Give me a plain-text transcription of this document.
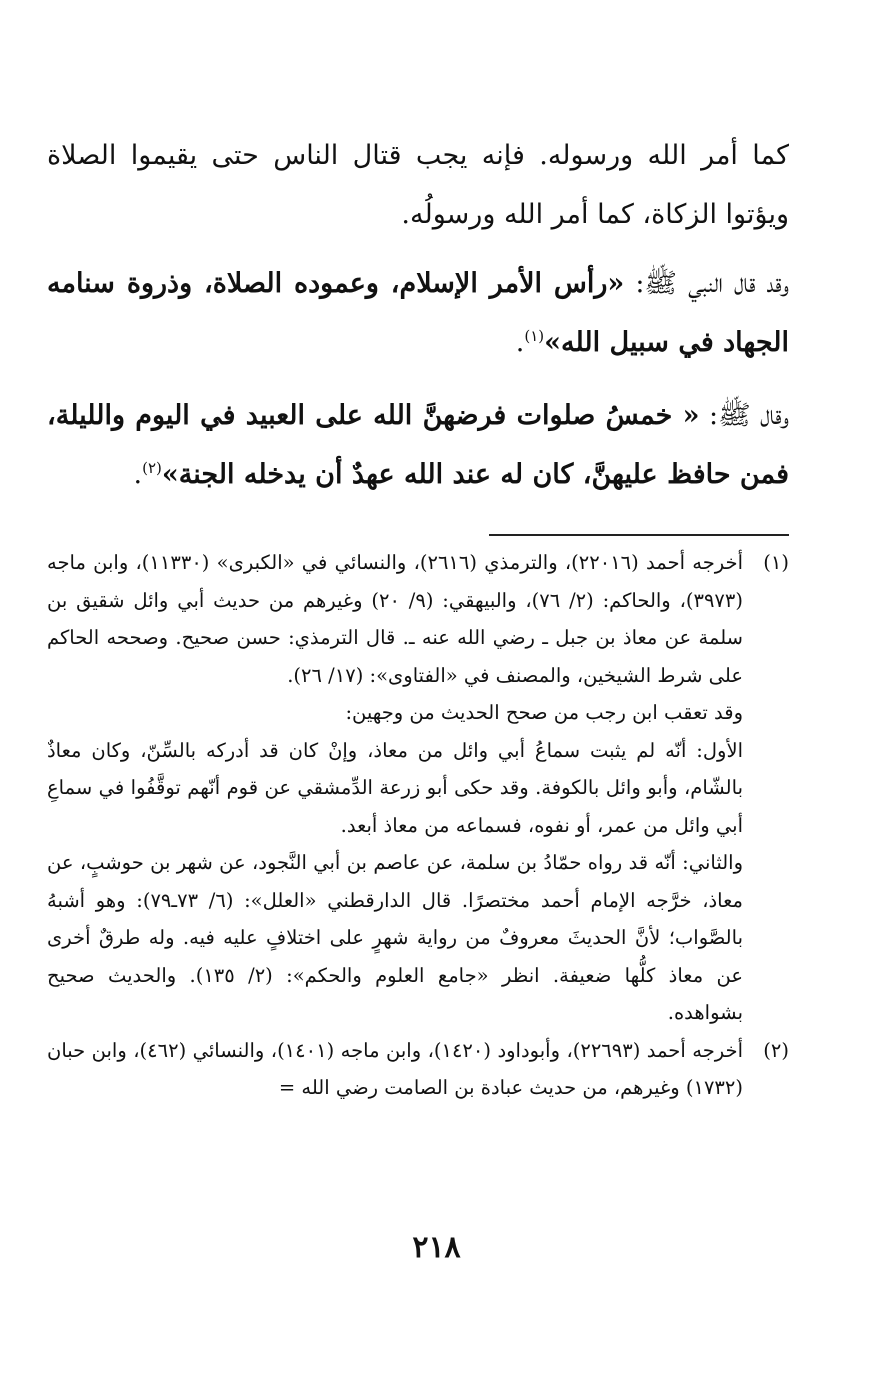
كما أمر الله ورسوله. فإنه يجب قتال الناس حتى يقيموا الصلاة ويؤتوا الزكاة، كما أمر الله ورسولُه.

وقد قال النبي ﷺ: «رأس الأمر الإسلام، وعموده الصلاة، وذروة سنامه الجهاد في سبيل الله»$^{(١)}$.

وقال ﷺ: « خمسُ صلوات فرضهنَّ الله على العبيد في اليوم والليلة، فمن حافظ عليهنَّ، كان له عند الله عهدٌ أن يدخله الجنة»$^{(٢)}$.

(١)

أخرجه أحمد (٢٢٠١٦)، والترمذي (٢٦١٦)، والنسائي في «الكبرى» (١١٣٣٠)، وابن ماجه (٣٩٧٣)، والحاكم: (٢/ ٧٦)، والبيهقي: (٩/ ٢٠) وغيرهم من حديث أبي وائل شقيق بن سلمة عن معاذ بن جبل ـ رضي الله عنه ـ. قال الترمذي: حسن صحيح. وصححه الحاكم على شرط الشيخين، والمصنف في «الفتاوى»: (١٧/ ٢٦).

وقد تعقب ابن رجب من صحح الحديث من وجهين:

الأول: أنّه لم يثبت سماعُ أبي وائل من معاذ، وإنْ كان قد أدركه بالسِّنّ، وكان معاذٌ بالشّام، وأبو وائل بالكوفة. وقد حكى أبو زرعة الدِّمشقي عن قوم أنّهم توقَّفُوا في سماعِ أبي وائل من عمر، أو نفوه، فسماعه من معاذ أبعد.

والثاني: أنّه قد رواه حمّادُ بن سلمة، عن عاصم بن أبي النَّجود، عن شهر بن حوشبٍ، عن معاذ، خرَّجه الإمام أحمد مختصرًا. قال الدارقطني «العلل»: (٦/ ٧٣ـ٧٩): وهو أشبهُ بالصَّواب؛ لأنَّ الحديثَ معروفٌ من رواية شهرٍ على اختلافٍ عليه فيه. وله طرقٌ أخرى عن معاذ كلُّها ضعيفة. انظر «جامع العلوم والحكم»: (٢/ ١٣٥). والحديث صحيح بشواهده.

(٢)

أخرجه أحمد (٢٢٦٩٣)، وأبوداود (١٤٢٠)، وابن ماجه (١٤٠١)، والنسائي (٤٦٢)، وابن حبان (١٧٣٢) وغيرهم، من حديث عبادة بن الصامت رضي الله =

٢١٨
